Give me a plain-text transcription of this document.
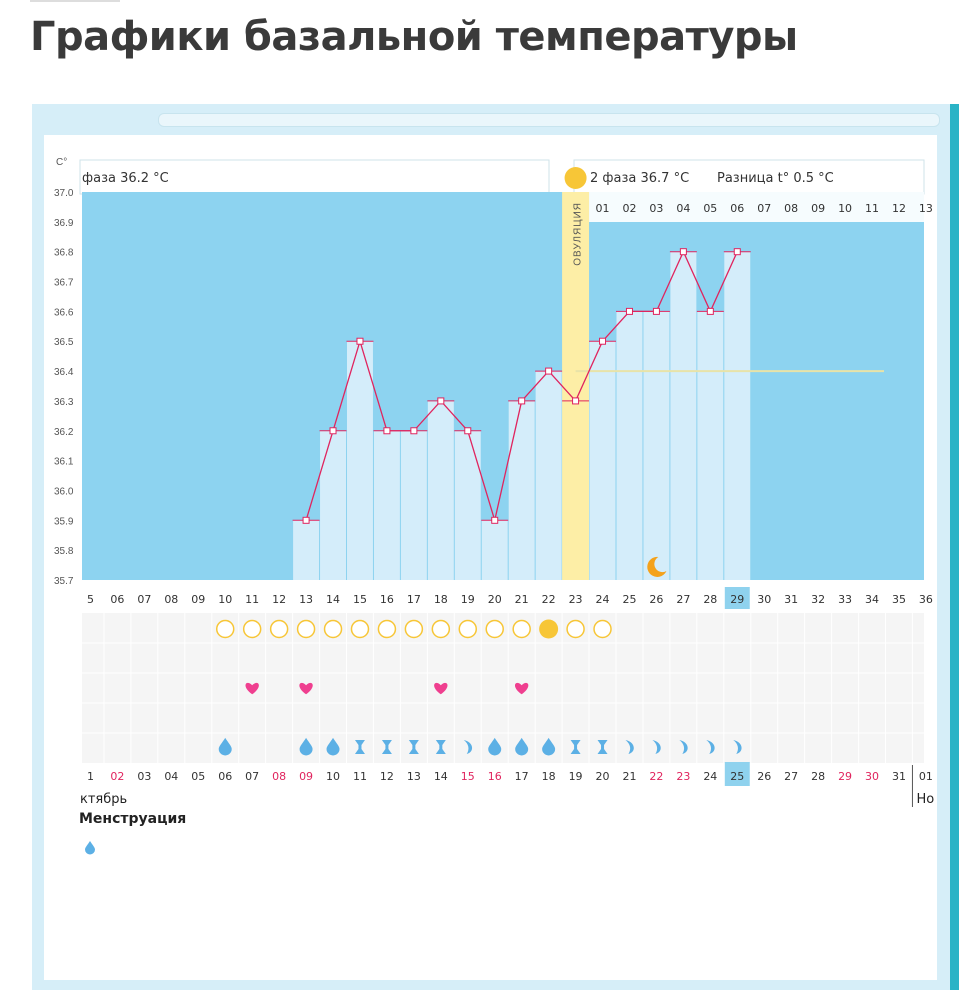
Графики базальной температуры
фаза 36.2 °C	2 фаза 36.7 °C Разница t° 0.5 °C
C°
37.0
36.9
36.8
36.7
36.6
36.5
36.4
36.3
36.2
36.1
36.0
35.9
35.8
35.7
01 02 03 04 05 06 07 08 09 10 11 12 13
ОВУЛЯЦИЯ
5 06 07 08 09 10 11 12 13 14 15 16 17 18 19 20 21 22 23 24 25 26 27 28 29 30 31 32 33 34 35 36
1 02 03 04 05 06 07 08 09 10 11 12 13 14 15 16 17 18 19 20 21 22 23 24 25 26 27 28 29 30 31 01
ктябрь	Но
Менструация
